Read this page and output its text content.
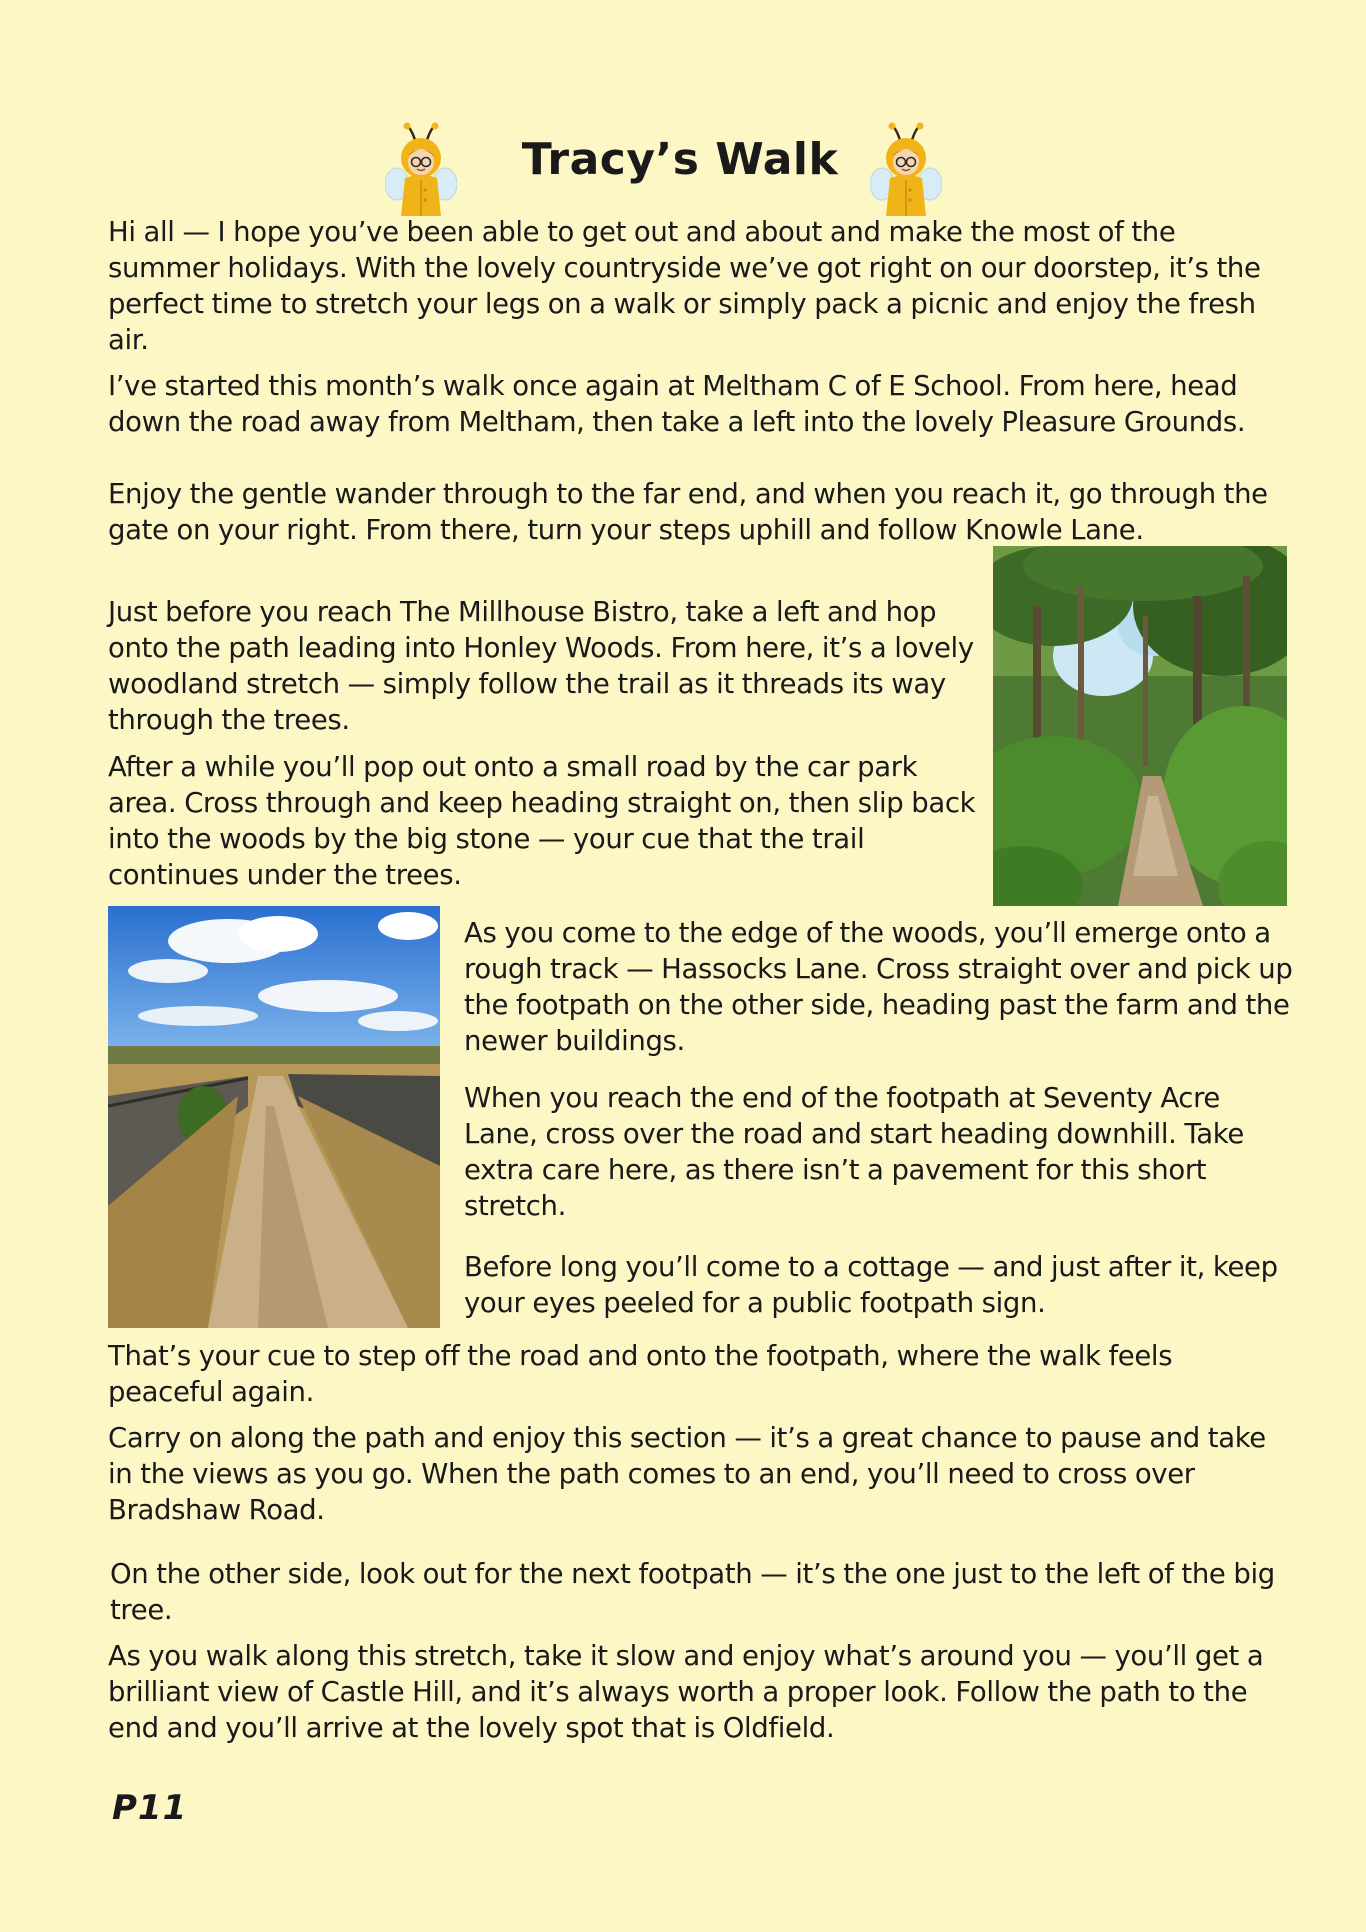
Tracy’s Walk

Hi all — I hope you’ve been able to get out and about and make the most of the summer holidays. With the lovely countryside we’ve got right on our doorstep, it’s the perfect time to stretch your legs on a walk or simply pack a picnic and enjoy the fresh air.

I’ve started this month’s walk once again at Meltham C of E School. From here, head down the road away from Meltham, then take a left into the lovely Pleasure Grounds.

Enjoy the gentle wander through to the far end, and when you reach it, go through the gate on your right. From there, turn your steps uphill and follow Knowle Lane.

Just before you reach The Millhouse Bistro, take a left and hop onto the path leading into Honley Woods. From here, it’s a lovely woodland stretch — simply follow the trail as it threads its way through the trees.

After a while you’ll pop out onto a small road by the car park area. Cross through and keep heading straight on, then slip back into the woods by the big stone — your cue that the trail continues under the trees.

As you come to the edge of the woods, you’ll emerge onto a rough track — Hassocks Lane. Cross straight over and pick up the footpath on the other side, heading past the farm and the newer buildings.

When you reach the end of the footpath at Seventy Acre Lane, cross over the road and start heading downhill. Take extra care here, as there isn’t a pavement for this short stretch.

Before long you’ll come to a cottage — and just after it, keep your eyes peeled for a public footpath sign.

That’s your cue to step off the road and onto the footpath, where the walk feels peaceful again.

Carry on along the path and enjoy this section — it’s a great chance to pause and take in the views as you go. When the path comes to an end, you’ll need to cross over Bradshaw Road.

On the other side, look out for the next footpath — it’s the one just to the left of the big tree.

As you walk along this stretch, take it slow and enjoy what’s around you — you’ll get a brilliant view of Castle Hill, and it’s always worth a proper look. Follow the path to the end and you’ll arrive at the lovely spot that is Oldfield.

P11
